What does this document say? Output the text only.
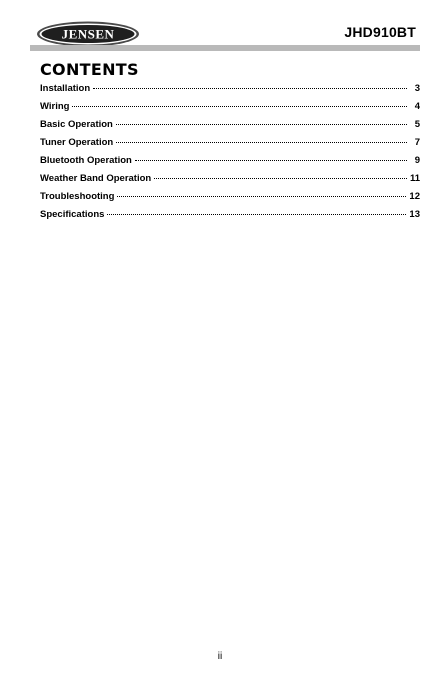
JENSEN	JHD910BT
CONTENTS
Installation	3
Wiring	4
Basic Operation	5
Tuner Operation	7
Bluetooth Operation	9
Weather Band Operation	11
Troubleshooting	12
Specifications	13
ii
